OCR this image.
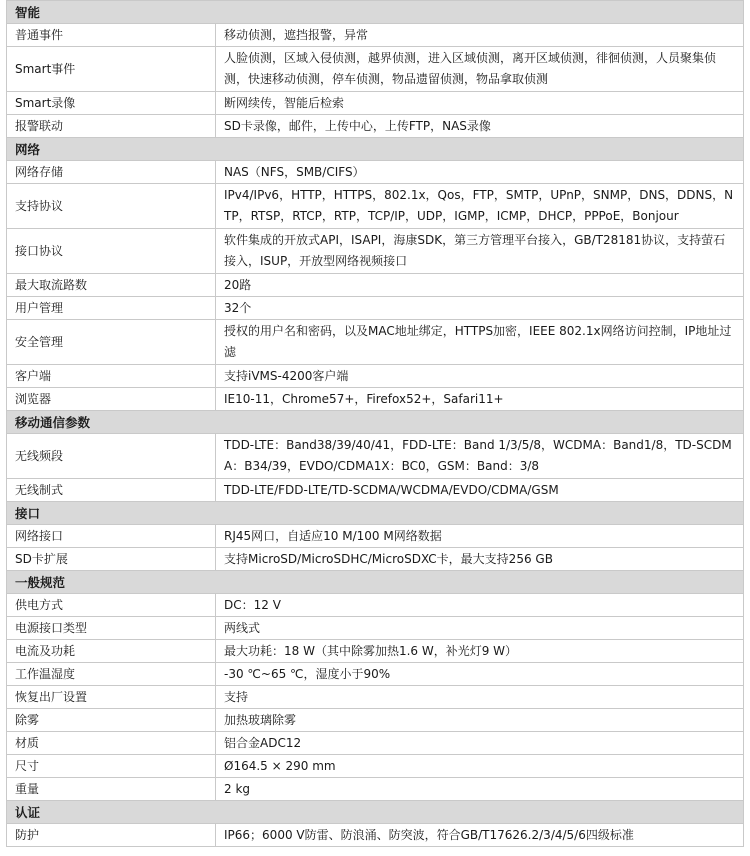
智能	
普通事件	移动侦测，遮挡报警，异常
Smart事件	人脸侦测，区域入侵侦测，越界侦测，进入区域侦测，离开区域侦测，徘徊侦测，人员聚集侦测，快速移动侦测，停车侦测，物品遗留侦测，物品拿取侦测
Smart录像	断网续传，智能后检索
报警联动	SD卡录像，邮件，上传中心，上传FTP，NAS录像
网络	
网络存储	NAS（NFS，SMB/CIFS）
支持协议	IPv4/IPv6，HTTP，HTTPS，802.1x，Qos，FTP，SMTP，UPnP，SNMP，DNS，DDNS，NTP，RTSP，RTCP，RTP，TCP/IP，UDP，IGMP，ICMP，DHCP，PPPoE，Bonjour
接口协议	软件集成的开放式API，ISAPI，海康SDK，第三方管理平台接入，GB/T28181协议，支持萤石接入，ISUP，开放型网络视频接口
最大取流路数	20路
用户管理	32个
安全管理	授权的用户名和密码，以及MAC地址绑定，HTTPS加密，IEEE 802.1x网络访问控制，IP地址过滤
客户端	支持iVMS-4200客户端
浏览器	IE10-11，Chrome57+，Firefox52+，Safari11+
移动通信参数	
无线频段	TDD-LTE：Band38/39/40/41，FDD-LTE：Band 1/3/5/8，WCDMA：Band1/8，TD-SCDMA：B34/39，EVDO/CDMA1X：BC0，GSM：Band：3/8
无线制式	TDD-LTE/FDD-LTE/TD-SCDMA/WCDMA/EVDO/CDMA/GSM
接口	
网络接口	RJ45网口，自适应10 M/100 M网络数据
SD卡扩展	支持MicroSD/MicroSDHC/MicroSDXC卡，最大支持256 GB
一般规范	
供电方式	DC：12 V
电源接口类型	两线式
电流及功耗	最大功耗：18 W（其中除雾加热1.6 W，补光灯9 W）
工作温湿度	-30 ℃~65 ℃，湿度小于90%
恢复出厂设置	支持
除雾	加热玻璃除雾
材质	铝合金ADC12
尺寸	Ø164.5 × 290 mm
重量	2 kg
认证	
防护	IP66；6000 V防雷、防浪涌、防突波，符合GB/T17626.2/3/4/5/6四级标准
